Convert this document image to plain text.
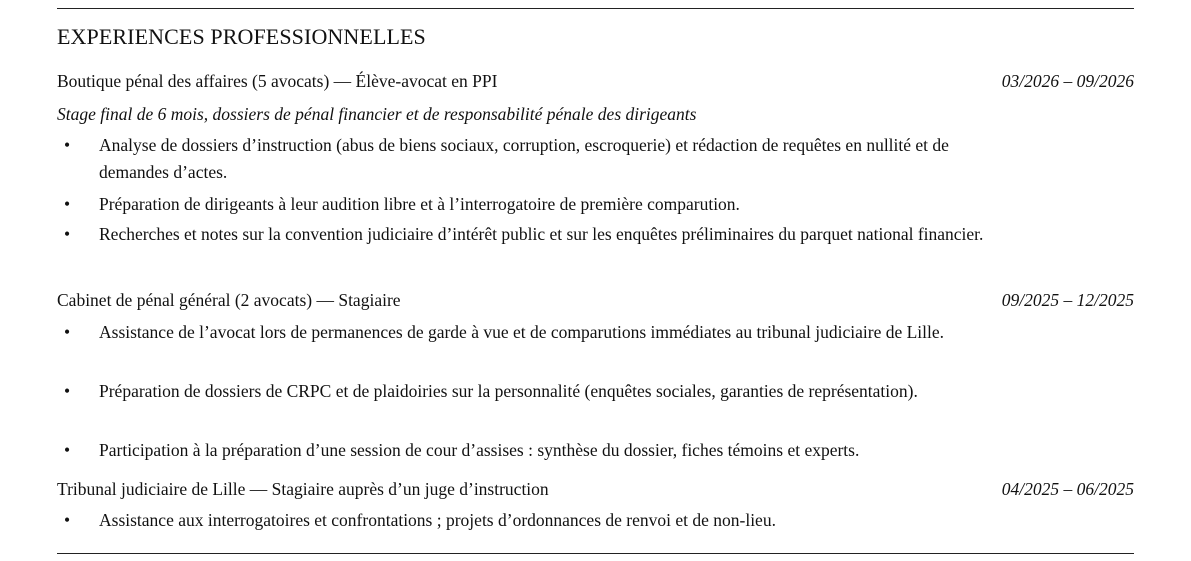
EXPERIENCES PROFESSIONNELLES
Boutique pénal des affaires (5 avocats) — Élève-avocat en PPI	03/2026 – 09/2026
Stage final de 6 mois, dossiers de pénal financier et de responsabilité pénale des dirigeants
• Analyse de dossiers d’instruction (abus de biens sociaux, corruption, escroquerie) et rédaction de requêtes en nullité et de demandes d’actes.
• Préparation de dirigeants à leur audition libre et à l’interrogatoire de première comparution.
• Recherches et notes sur la convention judiciaire d’intérêt public et sur les enquêtes préliminaires du parquet national financier.
Cabinet de pénal général (2 avocats) — Stagiaire	09/2025 – 12/2025
• Assistance de l’avocat lors de permanences de garde à vue et de comparutions immédiates au tribunal judiciaire de Lille.
• Préparation de dossiers de CRPC et de plaidoiries sur la personnalité (enquêtes sociales, garanties de représentation).
• Participation à la préparation d’une session de cour d’assises : synthèse du dossier, fiches témoins et experts.
Tribunal judiciaire de Lille — Stagiaire auprès d’un juge d’instruction	04/2025 – 06/2025
• Assistance aux interrogatoires et confrontations ; projets d’ordonnances de renvoi et de non-lieu.
